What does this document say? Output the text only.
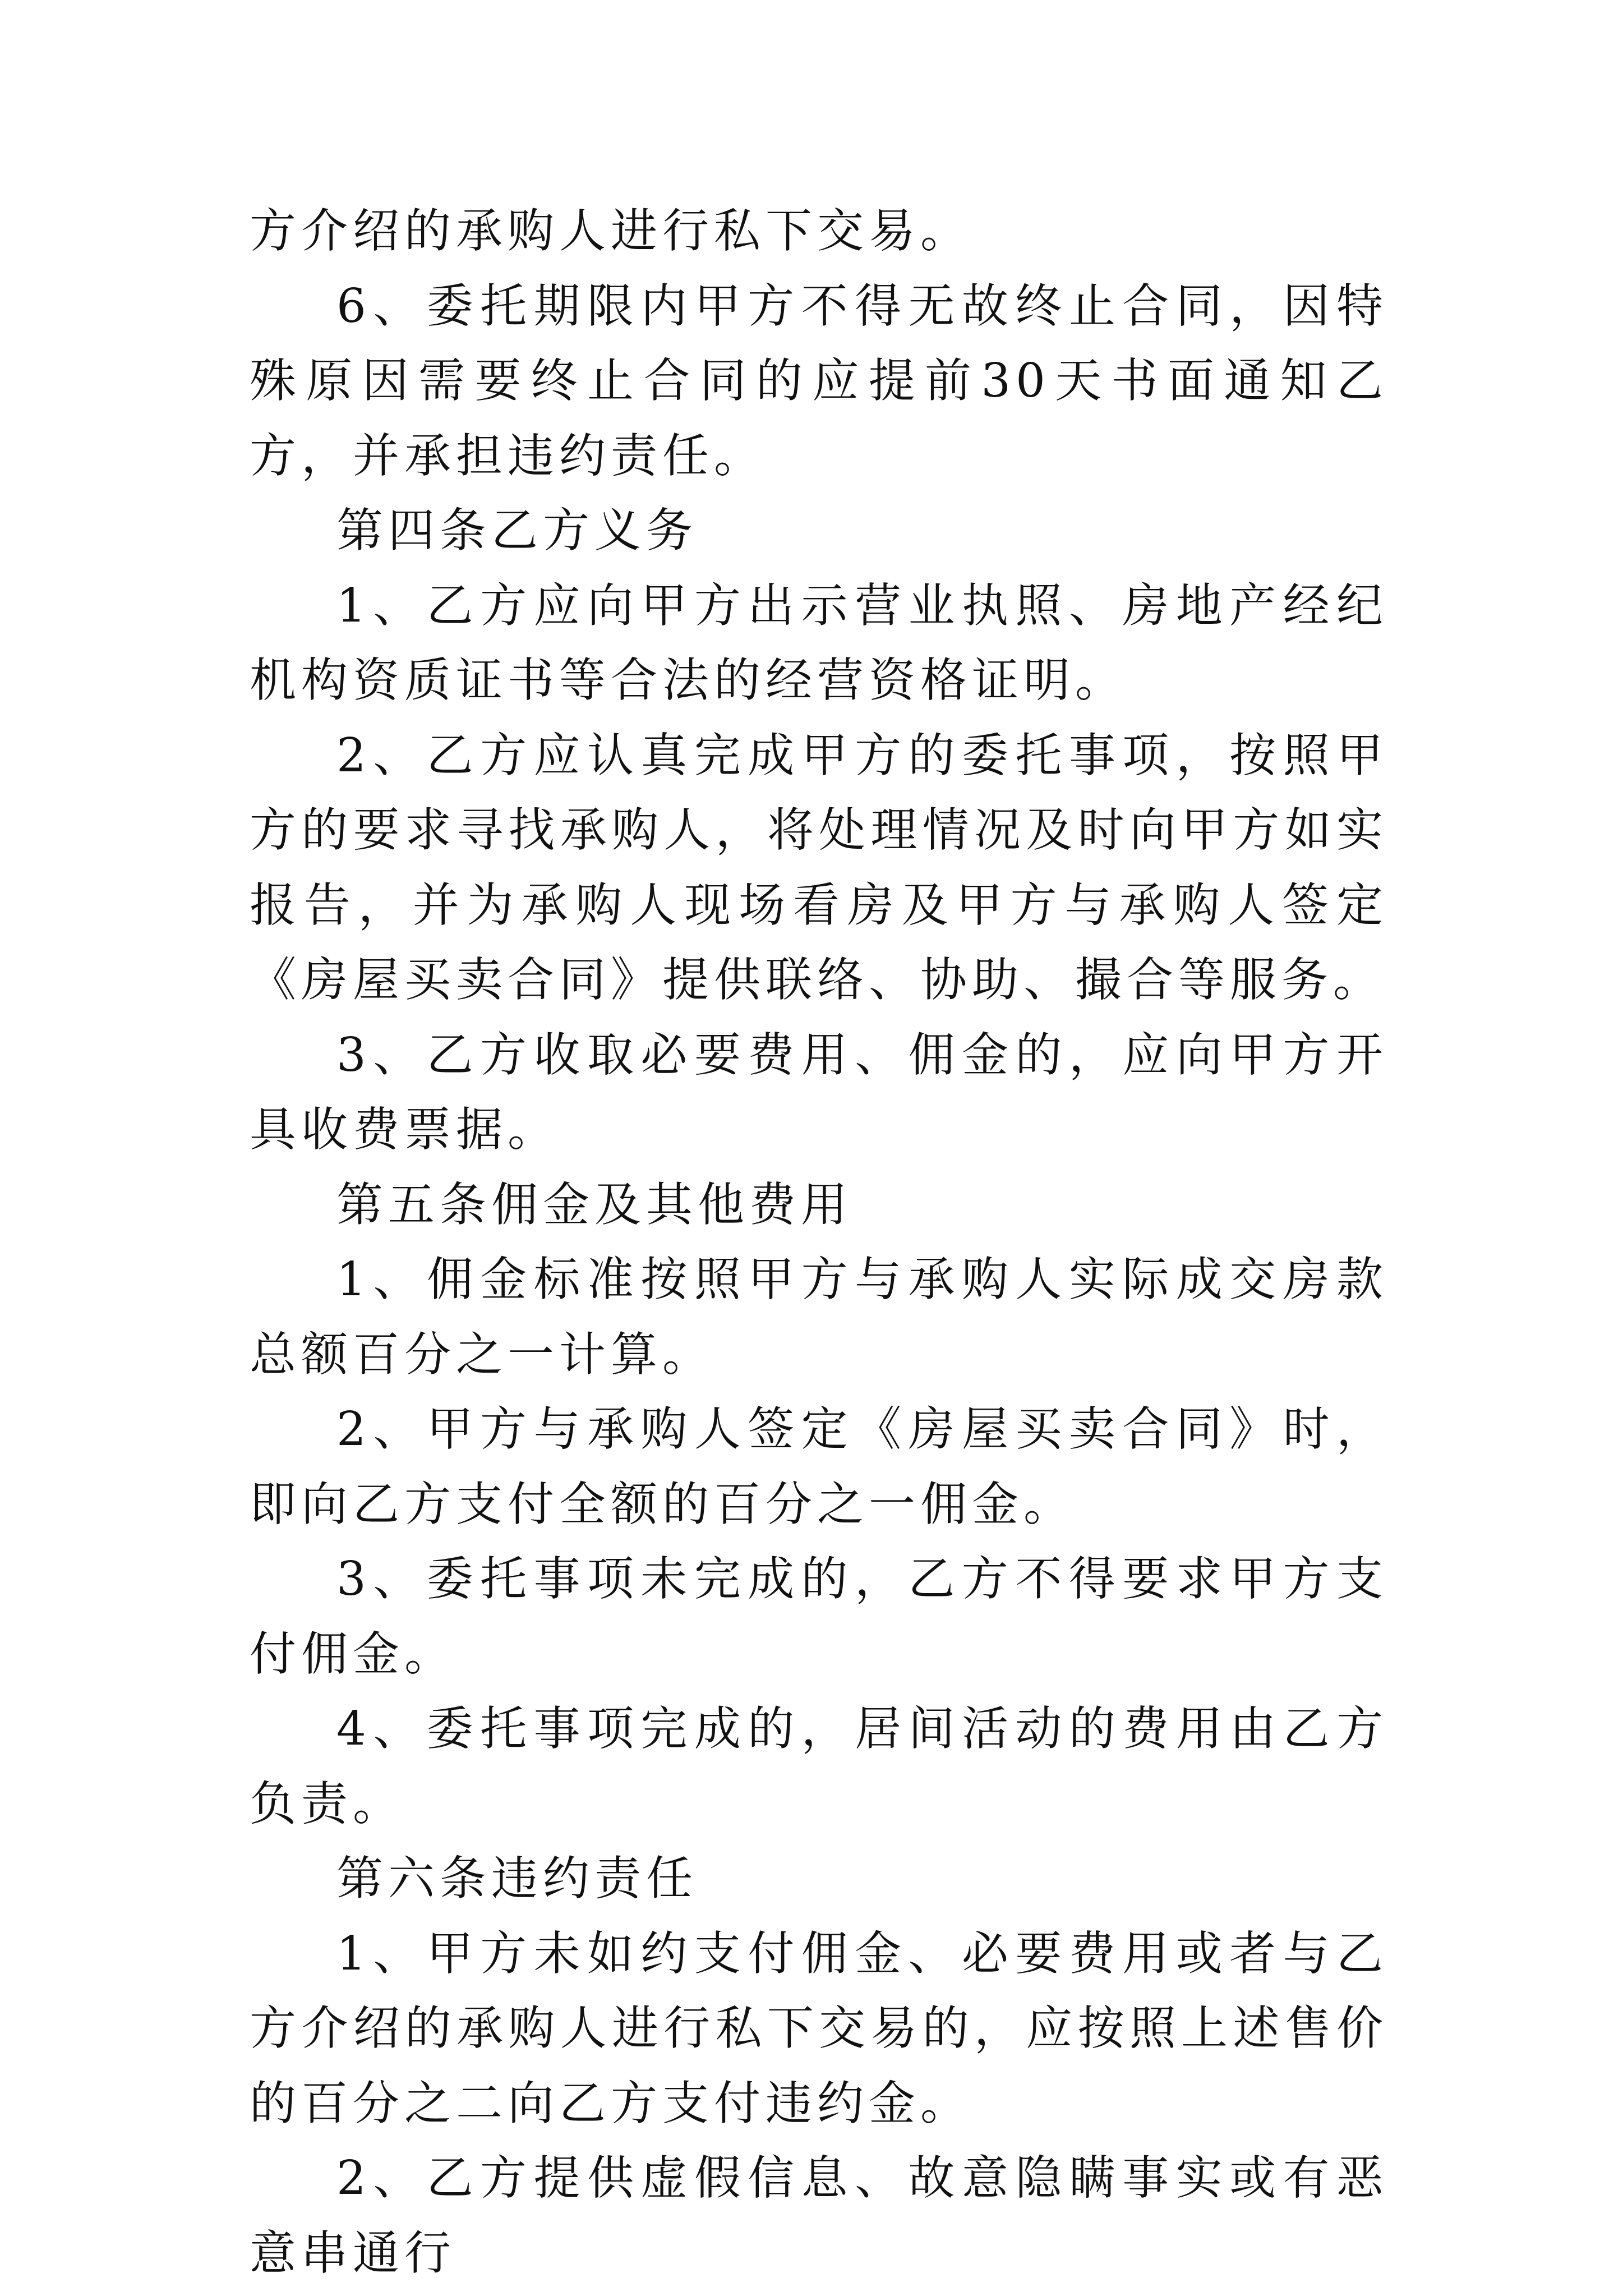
方介绍的承购人进行私下交易。

6、委托期限内甲方不得无故终止合同，因特殊原因需要终止合同的应提前30天书面通知乙方，并承担违约责任。

第四条乙方义务

1、乙方应向甲方出示营业执照、房地产经纪机构资质证书等合法的经营资格证明。

2、乙方应认真完成甲方的委托事项，按照甲方的要求寻找承购人，将处理情况及时向甲方如实报告，并为承购人现场看房及甲方与承购人签定《房屋买卖合同》提供联络、协助、撮合等服务。

3、乙方收取必要费用、佣金的，应向甲方开具收费票据。

第五条佣金及其他费用

1、佣金标准按照甲方与承购人实际成交房款总额百分之一计算。

2、甲方与承购人签定《房屋买卖合同》时，即向乙方支付全额的百分之一佣金。

3、委托事项未完成的，乙方不得要求甲方支付佣金。

4、委托事项完成的，居间活动的费用由乙方负责。

第六条违约责任

1、甲方未如约支付佣金、必要费用或者与乙方介绍的承购人进行私下交易的，应按照上述售价的百分之二向乙方支付违约金。

2、乙方提供虚假信息、故意隐瞒事实或有恶意串通行
